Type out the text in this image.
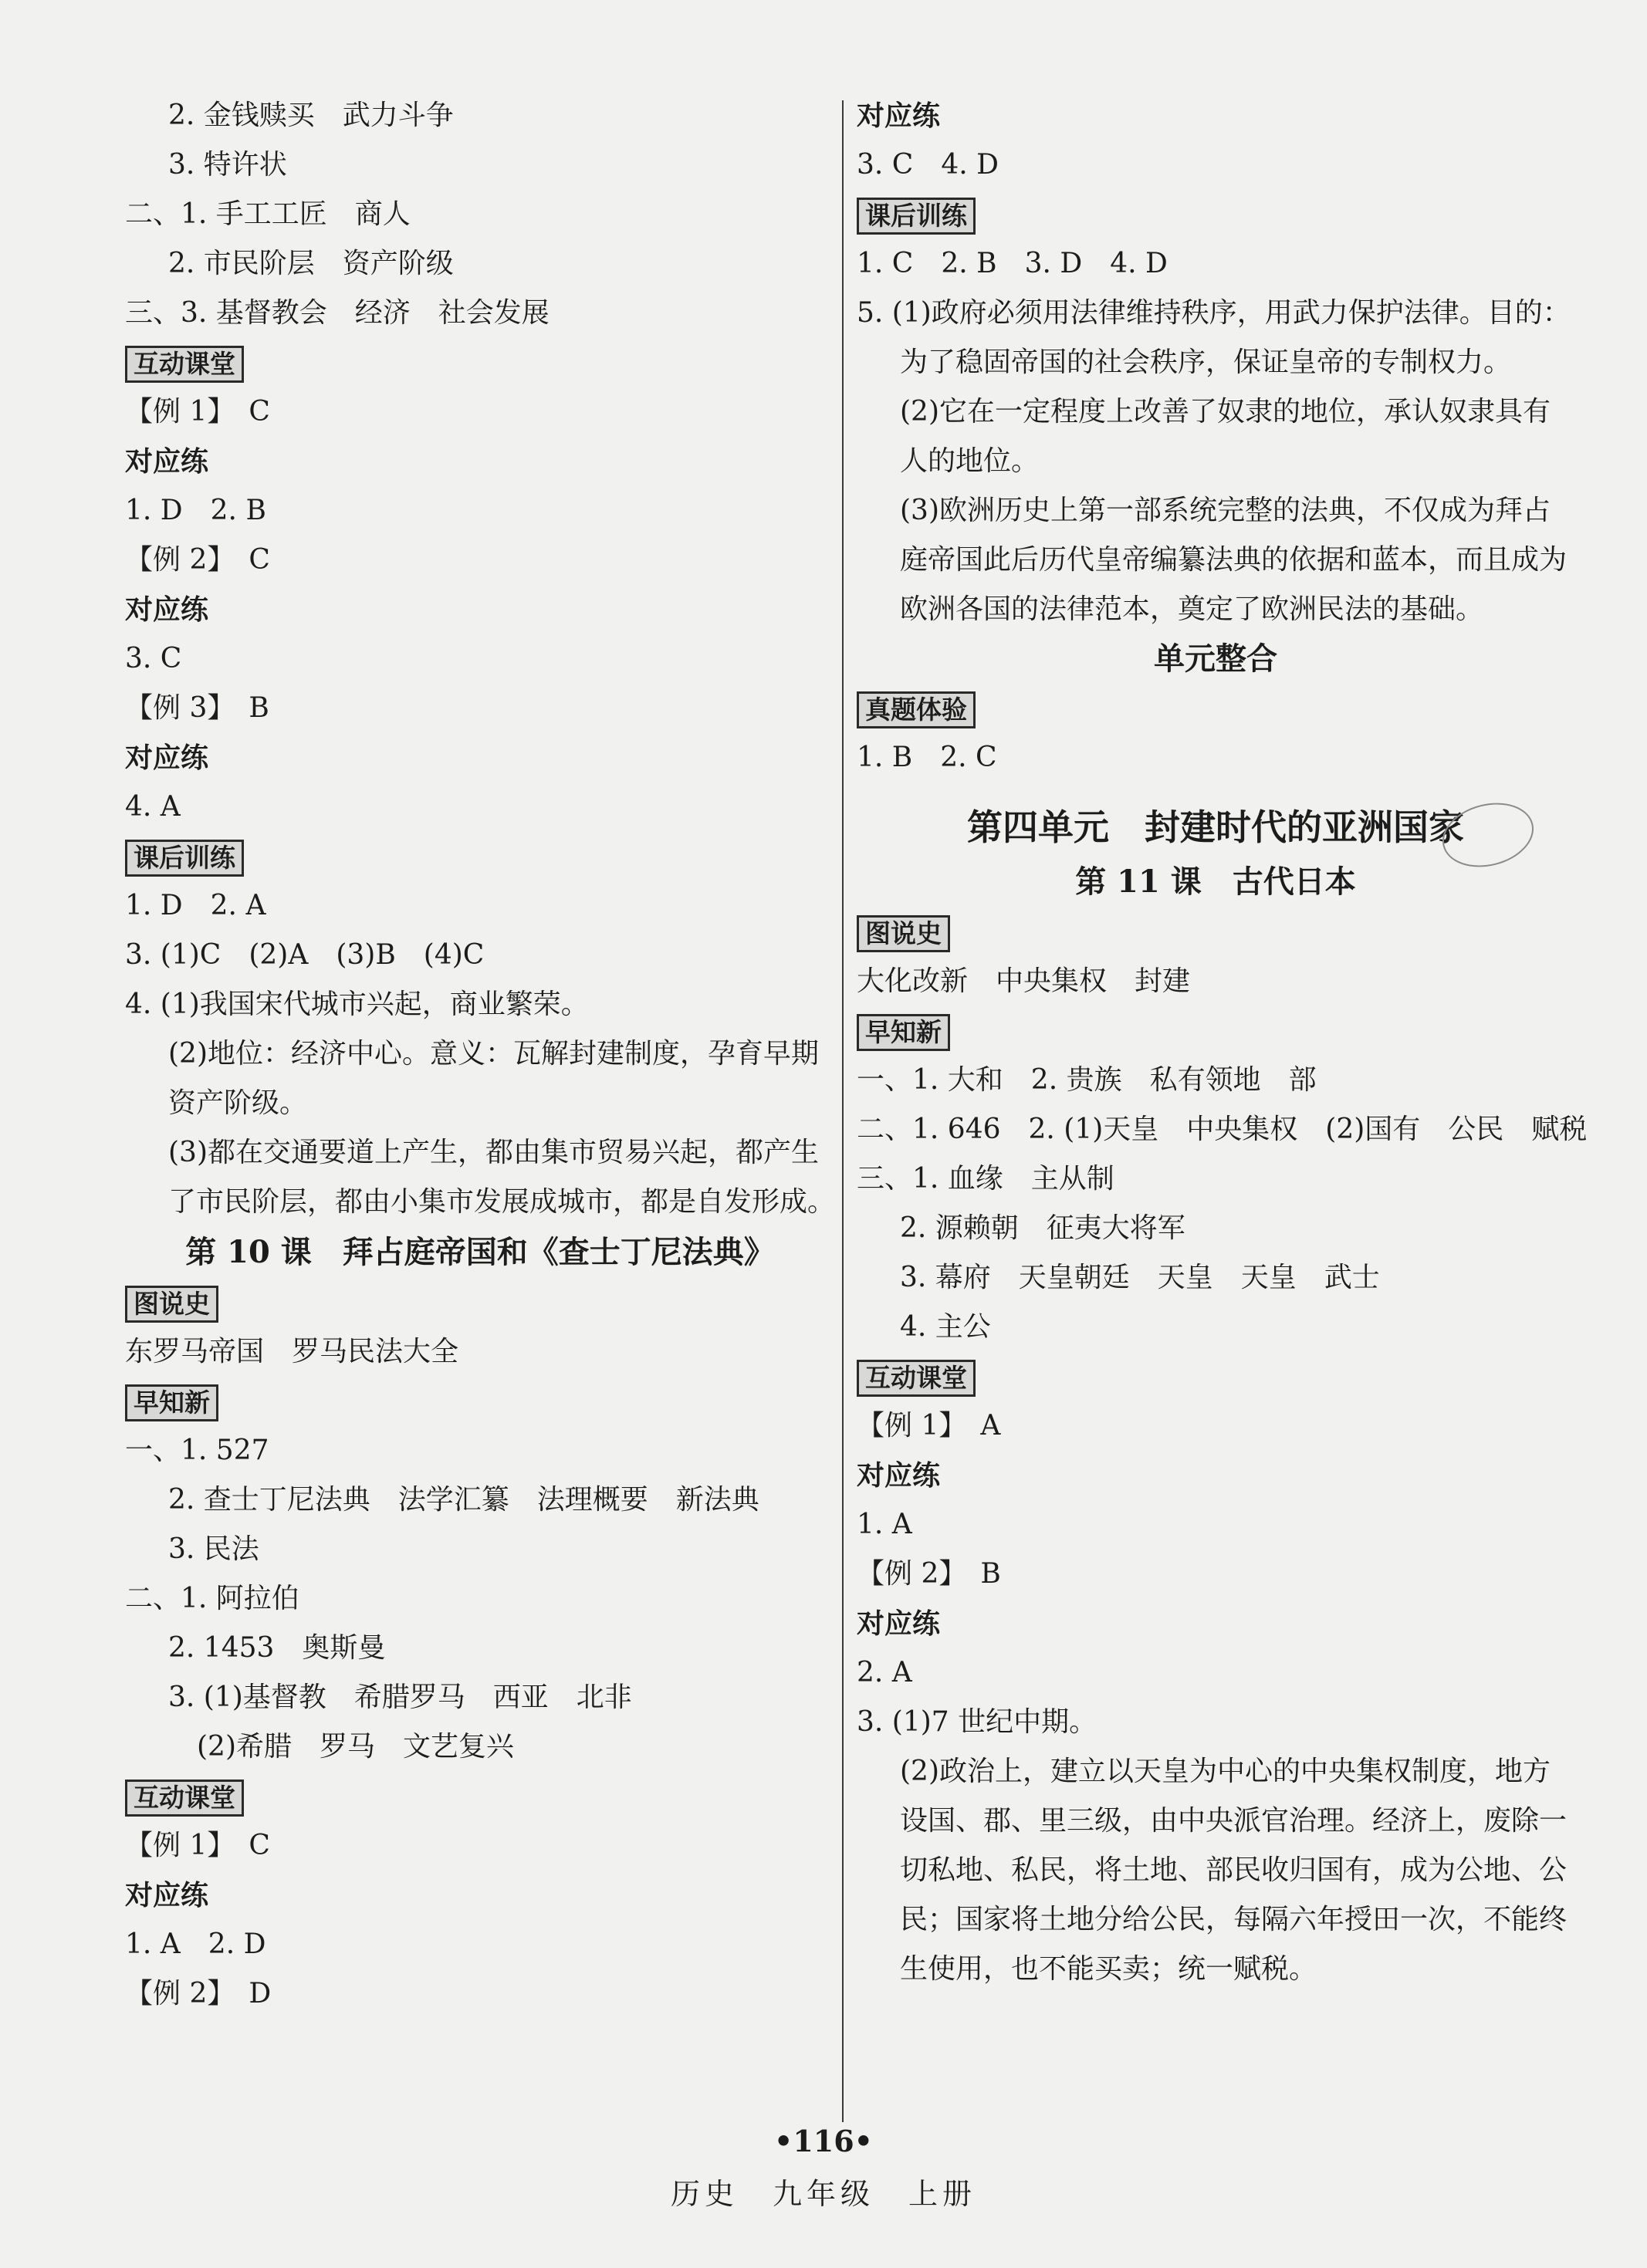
2. 金钱赎买　武力斗争
3. 特许状
二、1. 手工工匠　商人
2. 市民阶层　资产阶级
三、3. 基督教会　经济　社会发展
互动课堂
【例 1】　C
对应练
1. D　2. B
【例 2】　C
对应练
3. C
【例 3】　B
对应练
4. A
课后训练
1. D　2. A
3. (1)C　(2)A　(3)B　(4)C
4. (1)我国宋代城市兴起，商业繁荣。
(2)地位：经济中心。意义：瓦解封建制度，孕育早期资产阶级。
(3)都在交通要道上产生，都由集市贸易兴起，都产生了市民阶层，都由小集市发展成城市，都是自发形成。
第 10 课　拜占庭帝国和《查士丁尼法典》
图说史
东罗马帝国　罗马民法大全
早知新
一、1. 527
2. 查士丁尼法典　法学汇纂　法理概要　新法典
3. 民法
二、1. 阿拉伯
2. 1453　奥斯曼
3. (1)基督教　希腊罗马　西亚　北非
(2)希腊　罗马　文艺复兴
互动课堂
【例 1】　C
对应练
1. A　2. D
【例 2】　D
对应练
3. C　4. D
课后训练
1. C　2. B　3. D　4. D
5. (1)政府必须用法律维持秩序，用武力保护法律。目的：为了稳固帝国的社会秩序，保证皇帝的专制权力。
(2)它在一定程度上改善了奴隶的地位，承认奴隶具有人的地位。
(3)欧洲历史上第一部系统完整的法典，不仅成为拜占庭帝国此后历代皇帝编纂法典的依据和蓝本，而且成为欧洲各国的法律范本，奠定了欧洲民法的基础。
单元整合
真题体验
1. B　2. C
第四单元　封建时代的亚洲国家
第 11 课　古代日本
图说史
大化改新　中央集权　封建
早知新
一、1. 大和　2. 贵族　私有领地　部
二、1. 646　2. (1)天皇　中央集权　(2)国有　公民　赋税
三、1. 血缘　主从制
2. 源赖朝　征夷大将军
3. 幕府　天皇朝廷　天皇　天皇　武士
4. 主公
互动课堂
【例 1】　A
对应练
1. A
【例 2】　B
对应练
2. A
3. (1)7 世纪中期。
(2)政治上，建立以天皇为中心的中央集权制度，地方设国、郡、里三级，由中央派官治理。经济上，废除一切私地、私民，将土地、部民收归国有，成为公地、公民；国家将土地分给公民，每隔六年授田一次，不能终生使用，也不能买卖；统一赋税。
•116•
历史　九年级　上册
